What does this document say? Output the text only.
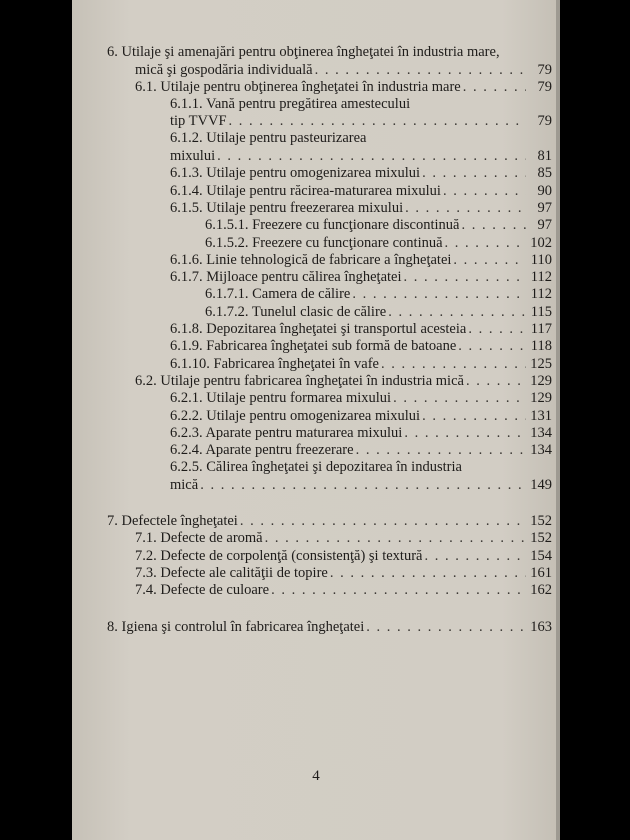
6. Utilaje şi amenajări pentru obţinerea îngheţatei în industria mare,
mică şi gospodăria individuală . . .	79
6.1. Utilaje pentru obţinerea îngheţatei în industria mare . . .	79
6.1.1. Vană pentru pregătirea amestecului
tip TVVF . . .	79
6.1.2. Utilaje pentru pasteurizarea
mixului . . .	81
6.1.3. Utilaje pentru omogenizarea mixului . . .	85
6.1.4. Utilaje pentru răcirea-maturarea mixului . . .	90
6.1.5. Utilaje pentru freezerarea mixului . . .	97
6.1.5.1. Freezere cu funcţionare discontinuă . . .	97
6.1.5.2. Freezere cu funcţionare continuă . . .	102
6.1.6. Linie tehnologică de fabricare a îngheţatei . . .	110
6.1.7. Mijloace pentru călirea îngheţatei . . .	112
6.1.7.1. Camera de călire . . .	112
6.1.7.2. Tunelul clasic de călire . . .	115
6.1.8. Depozitarea îngheţatei şi transportul acesteia . . .	117
6.1.9. Fabricarea îngheţatei sub formă de batoane . . .	118
6.1.10. Fabricarea îngheţatei în vafe . . .	125
6.2. Utilaje pentru fabricarea îngheţatei în industria mică . . .	129
6.2.1. Utilaje pentru formarea mixului . . .	129
6.2.2. Utilaje pentru omogenizarea mixului . . .	131
6.2.3. Aparate pentru maturarea mixului . . .	134
6.2.4. Aparate pentru freezerare . . .	134
6.2.5. Călirea îngheţatei şi depozitarea în industria
mică . . .	149
7. Defectele îngheţatei . . .	152
7.1. Defecte de aromă . . .	152
7.2. Defecte de corpolenţă (consistenţă) şi textură . . .	154
7.3. Defecte ale calităţii de topire . . .	161
7.4. Defecte de culoare . . .	162
8. Igiena şi controlul în fabricarea îngheţatei . . .	163
4
